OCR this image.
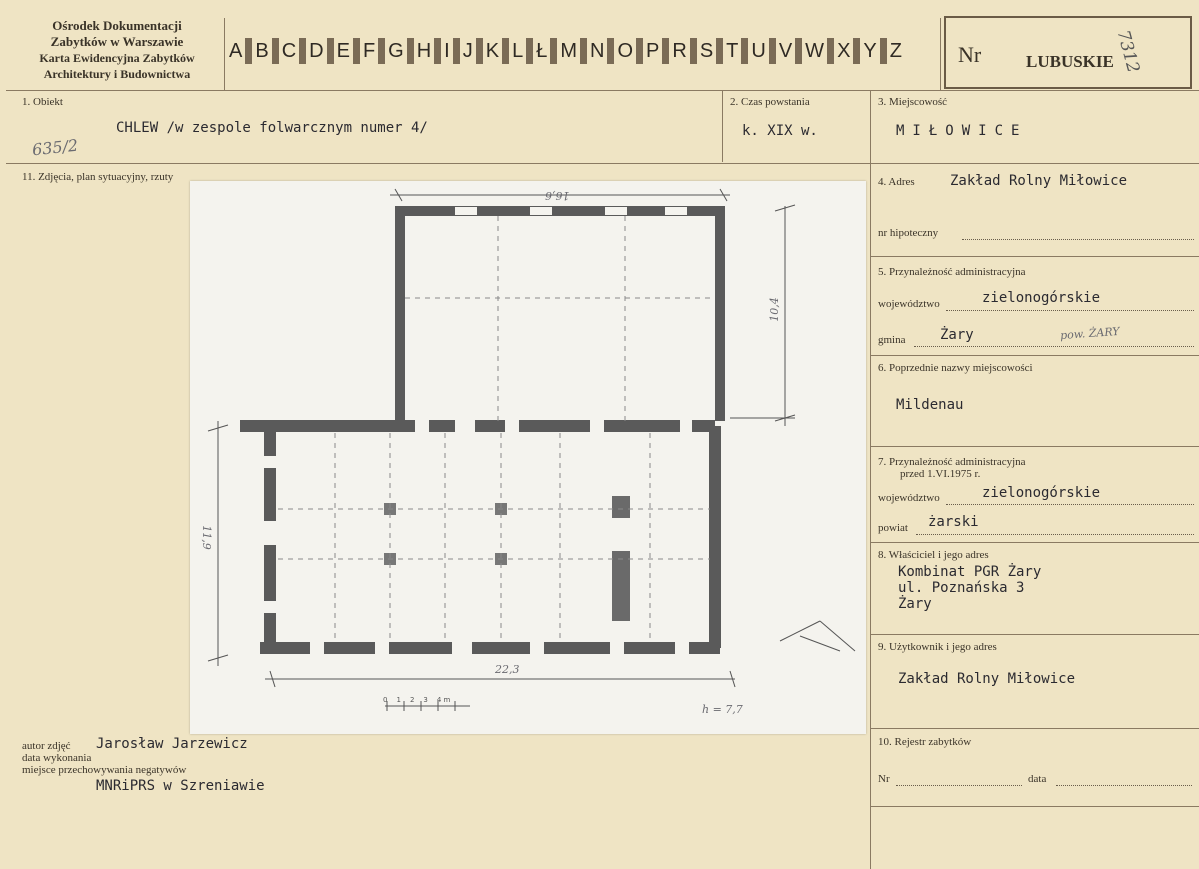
Ośrodek Dokumentacji
Zabytków w Warszawie
Karta Ewidencyjna Zabytków
Architektury i Budownictwa
A B C D E F G H I J K L Ł M N O P R S T U V W X Y Z	Nr	LUBUSKIE
7312
1. Obiekt
635/2
CHLEW /w zespole folwarcznym numer 4/
2. Czas powstania
k. XIX w.
3. Miejscowość
MIŁOWICE
11. Zdjęcia, plan sytuacyjny, rzuty
16,6
10,4
11,9
22,3
h = 7,7
0 1 2 3 4 m
autor zdjęć Jarosław Jarzewicz
data wykonania
miejsce przechowywania negatywów
MNRiPRS w Szreniawie
4. Adres	Zakład Rolny Miłowice
nr hipoteczny
5. Przynależność administracyjna
województwo	zielonogórskie
gmina Żary	pow. ŻARY
6. Poprzednie nazwy miejscowości
Mildenau
7. Przynależność administracyjna
przed 1.VI.1975 r.
województwo	zielonogórskie
powiat żarski
8. Właściciel i jego adres
Kombinat PGR Żary
ul. Poznańska 3
Żary
9. Użytkownik i jego adres
Zakład Rolny Miłowice
10. Rejestr zabytków
Nr	data
